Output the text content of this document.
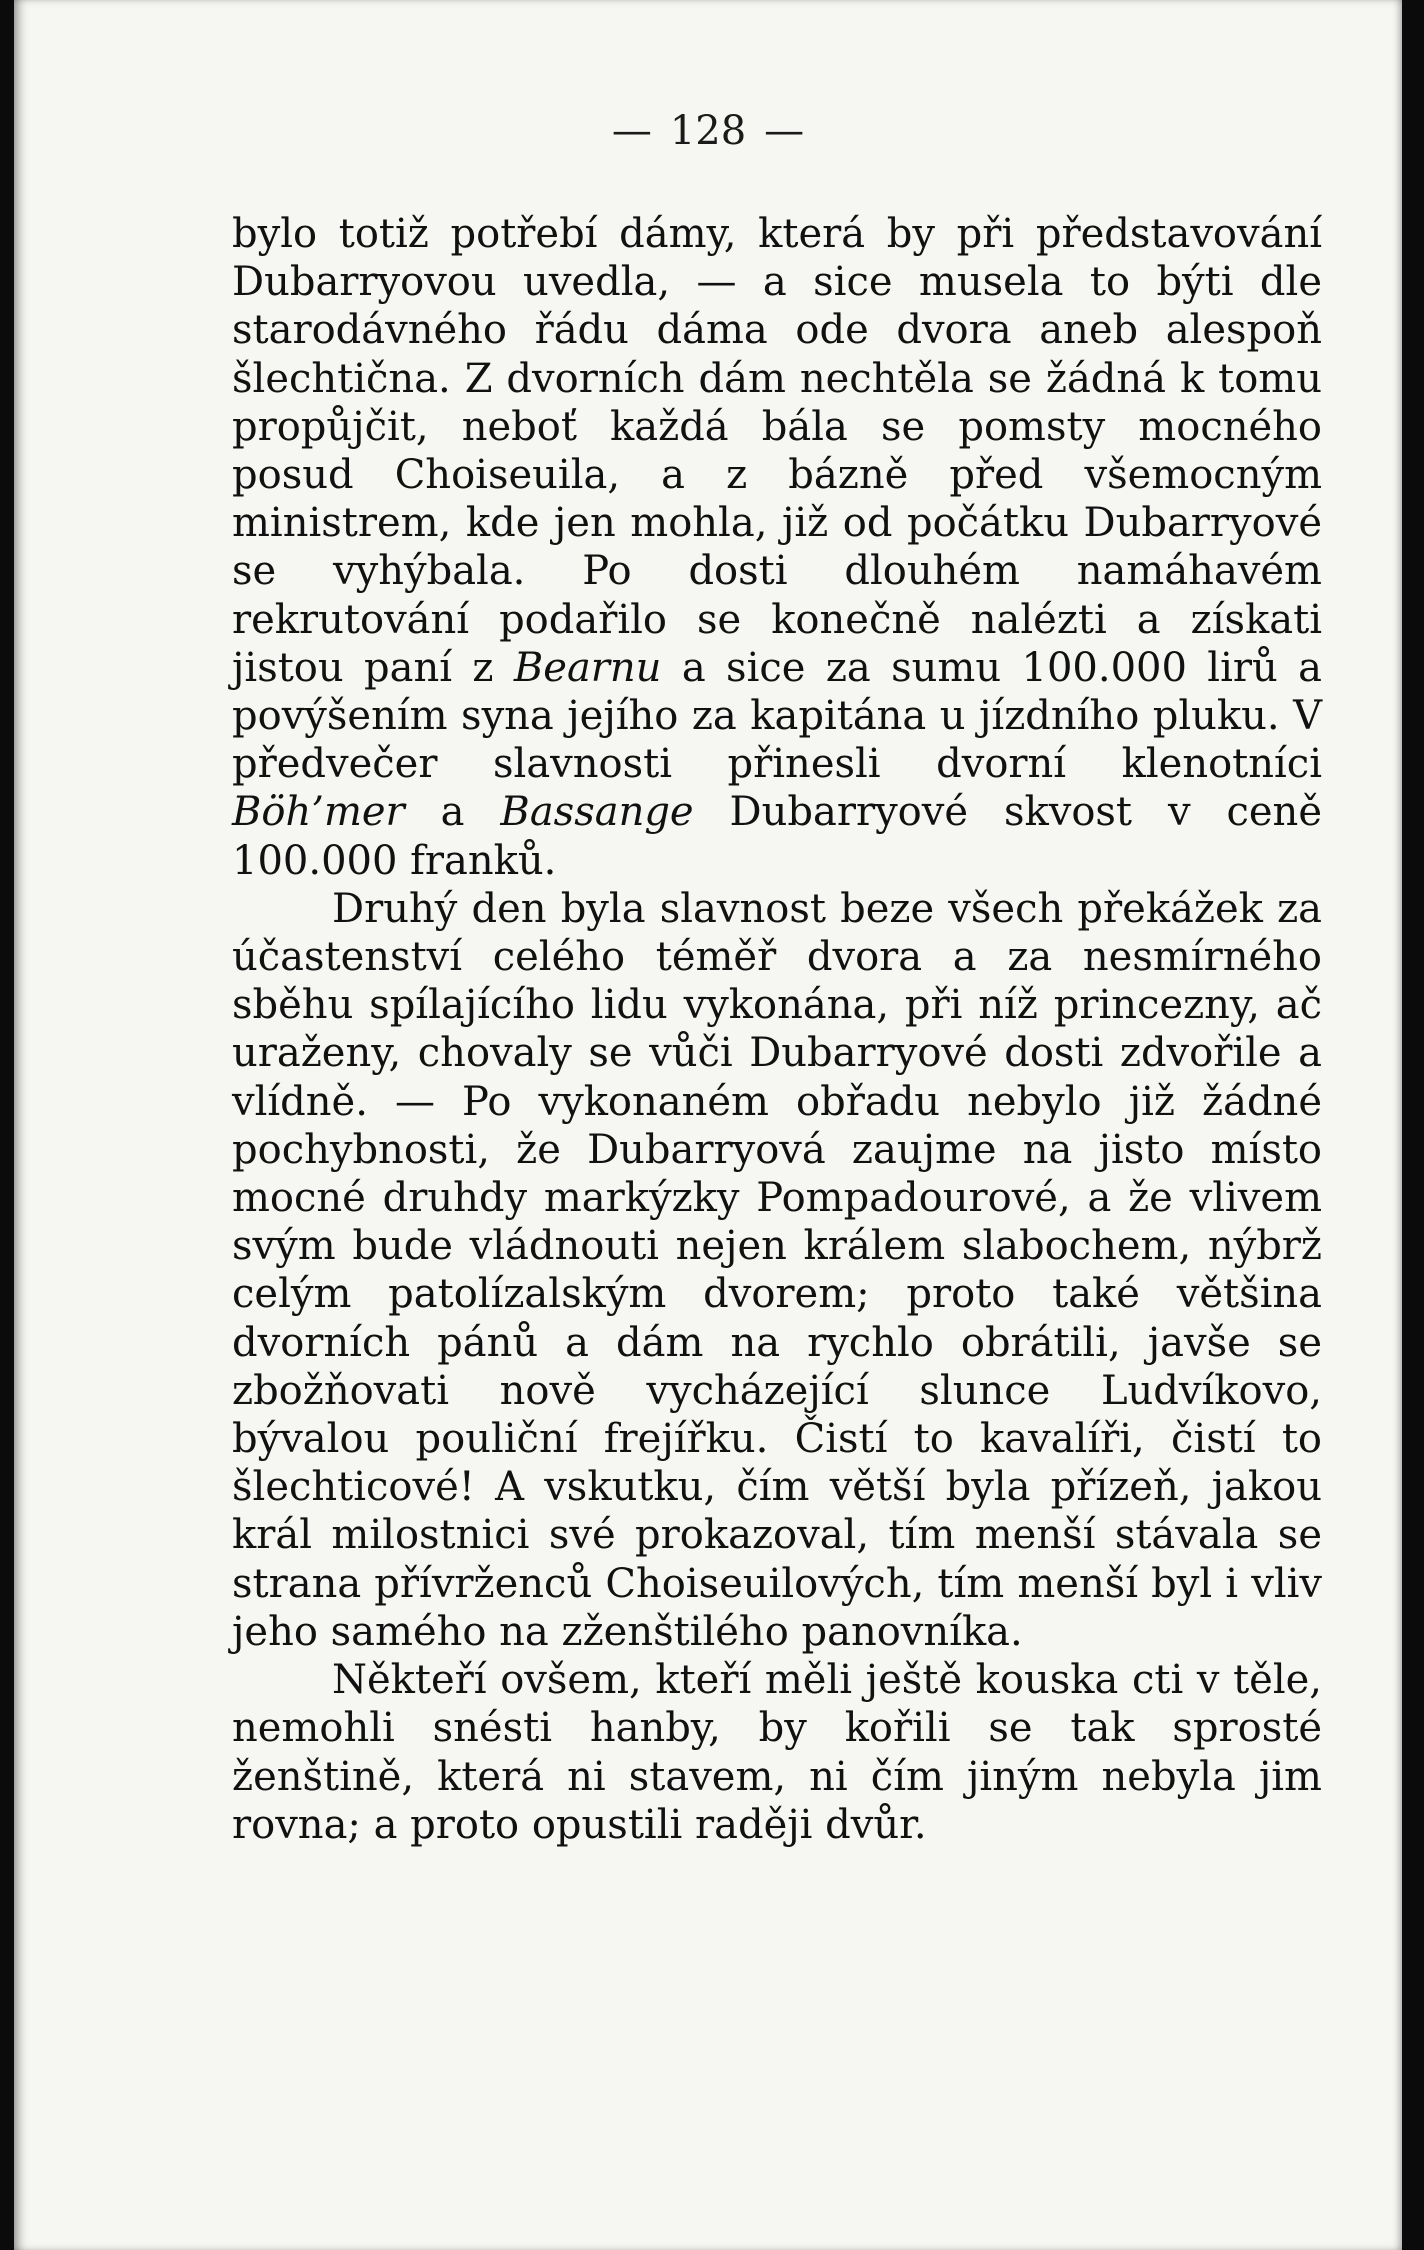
— 128 —

bylo totiž potřebí dámy, která by při představování Dubarryovou uvedla, — a sice musela to býti dle starodávného řádu dáma ode dvora aneb alespoň šlechtična. Z dvorních dám nechtěla se žádná k tomu propůjčit, neboť každá bála se pomsty mocného posud Choiseuila, a z bázně před všemocným ministrem, kde jen mohla, již od počátku Dubarryové se vyhýbala. Po dosti dlouhém namáhavém rekrutování podařilo se konečně nalézti a získati jistou paní z Bearnu a sice za sumu 100.000 lirů a povýšením syna jejího za kapitána u jízdního pluku. V předvečer slavnosti přinesli dvorní klenotníci Böh’mer a Bassange Dubarryové skvost v ceně 100.000 franků.

Druhý den byla slavnost beze všech překážek za účastenství celého téměř dvora a za nesmírného sběhu spílajícího lidu vykonána, při níž princezny, ač uraženy, chovaly se vůči Dubarryové dosti zdvořile a vlídně. — Po vykonaném obřadu nebylo již žádné pochybnosti, že Dubarryová zaujme na jisto místo mocné druhdy markýzky Pompadourové, a že vlivem svým bude vládnouti nejen králem slabochem, nýbrž celým patolízalským dvorem; proto také většina dvorních pánů a dám na rychlo obrátili, javše se zbožňovati nově vycházející slunce Ludvíkovo, bývalou pouliční frejířku. Čistí to kavalíři, čistí to šlechticové! A vskutku, čím větší byla přízeň, jakou král milostnici své prokazoval, tím menší stávala se strana přívrženců Choiseuilových, tím menší byl i vliv jeho samého na zženštilého panovníka.

Někteří ovšem, kteří měli ještě kouska cti v těle, nemohli snésti hanby, by kořili se tak sprosté ženštině, která ni stavem, ni čím jiným nebyla jim rovna; a proto opustili raději dvůr.
